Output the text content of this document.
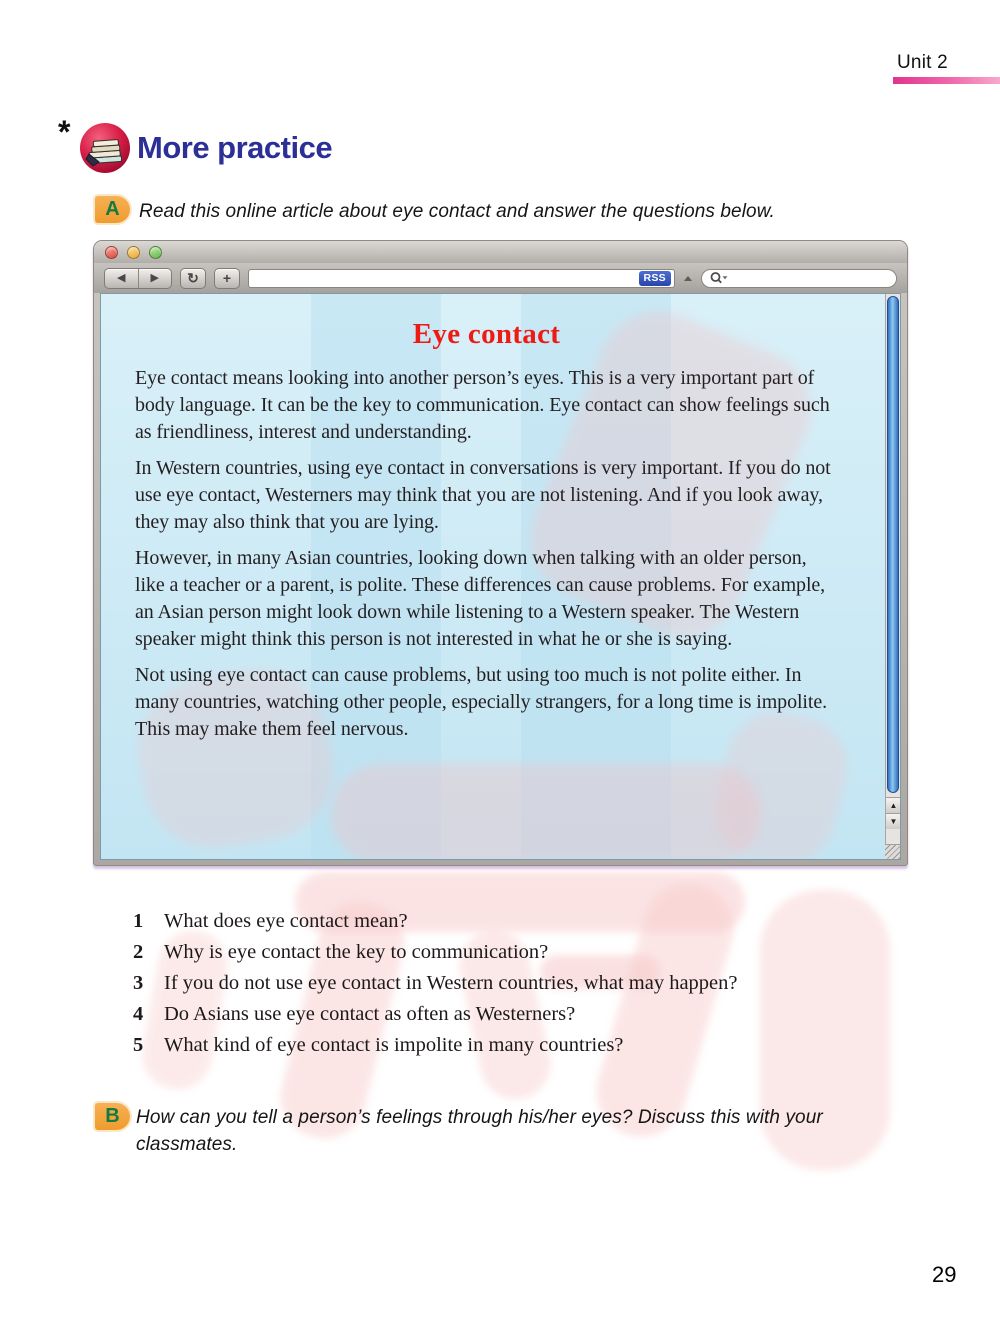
Unit 2
* More practice
A	Read this online article about eye contact and answer the questions below.
◀	▶	↻	+	RSS
Eye contact

Eye contact means looking into another person’s eyes. This is a very important part of body language. It can be the key to communication. Eye contact can show feelings such as friendliness, interest and understanding.

In Western countries, using eye contact in conversations is very important. If you do not use eye contact, Westerners may think that you are not listening. And if you look away, they may also think that you are lying.

However, in many Asian countries, looking down when talking with an older person, like a teacher or a parent, is polite. These differences can cause problems. For example, an Asian person might look down while listening to a Western speaker. The Western speaker might think this person is not interested in what he or she is saying.

Not using eye contact can cause problems, but using too much is not polite either. In many countries, watching other people, especially strangers, for a long time is impolite. This may make them feel nervous.

▲
▼
1 What does eye contact mean?
2 Why is eye contact the key to communication?
3 If you do not use eye contact in Western countries, what may happen?
4 Do Asians use eye contact as often as Westerners?
5 What kind of eye contact is impolite in many countries?
B How can you tell a person’s feelings through his/her eyes? Discuss this with your classmates.
29
